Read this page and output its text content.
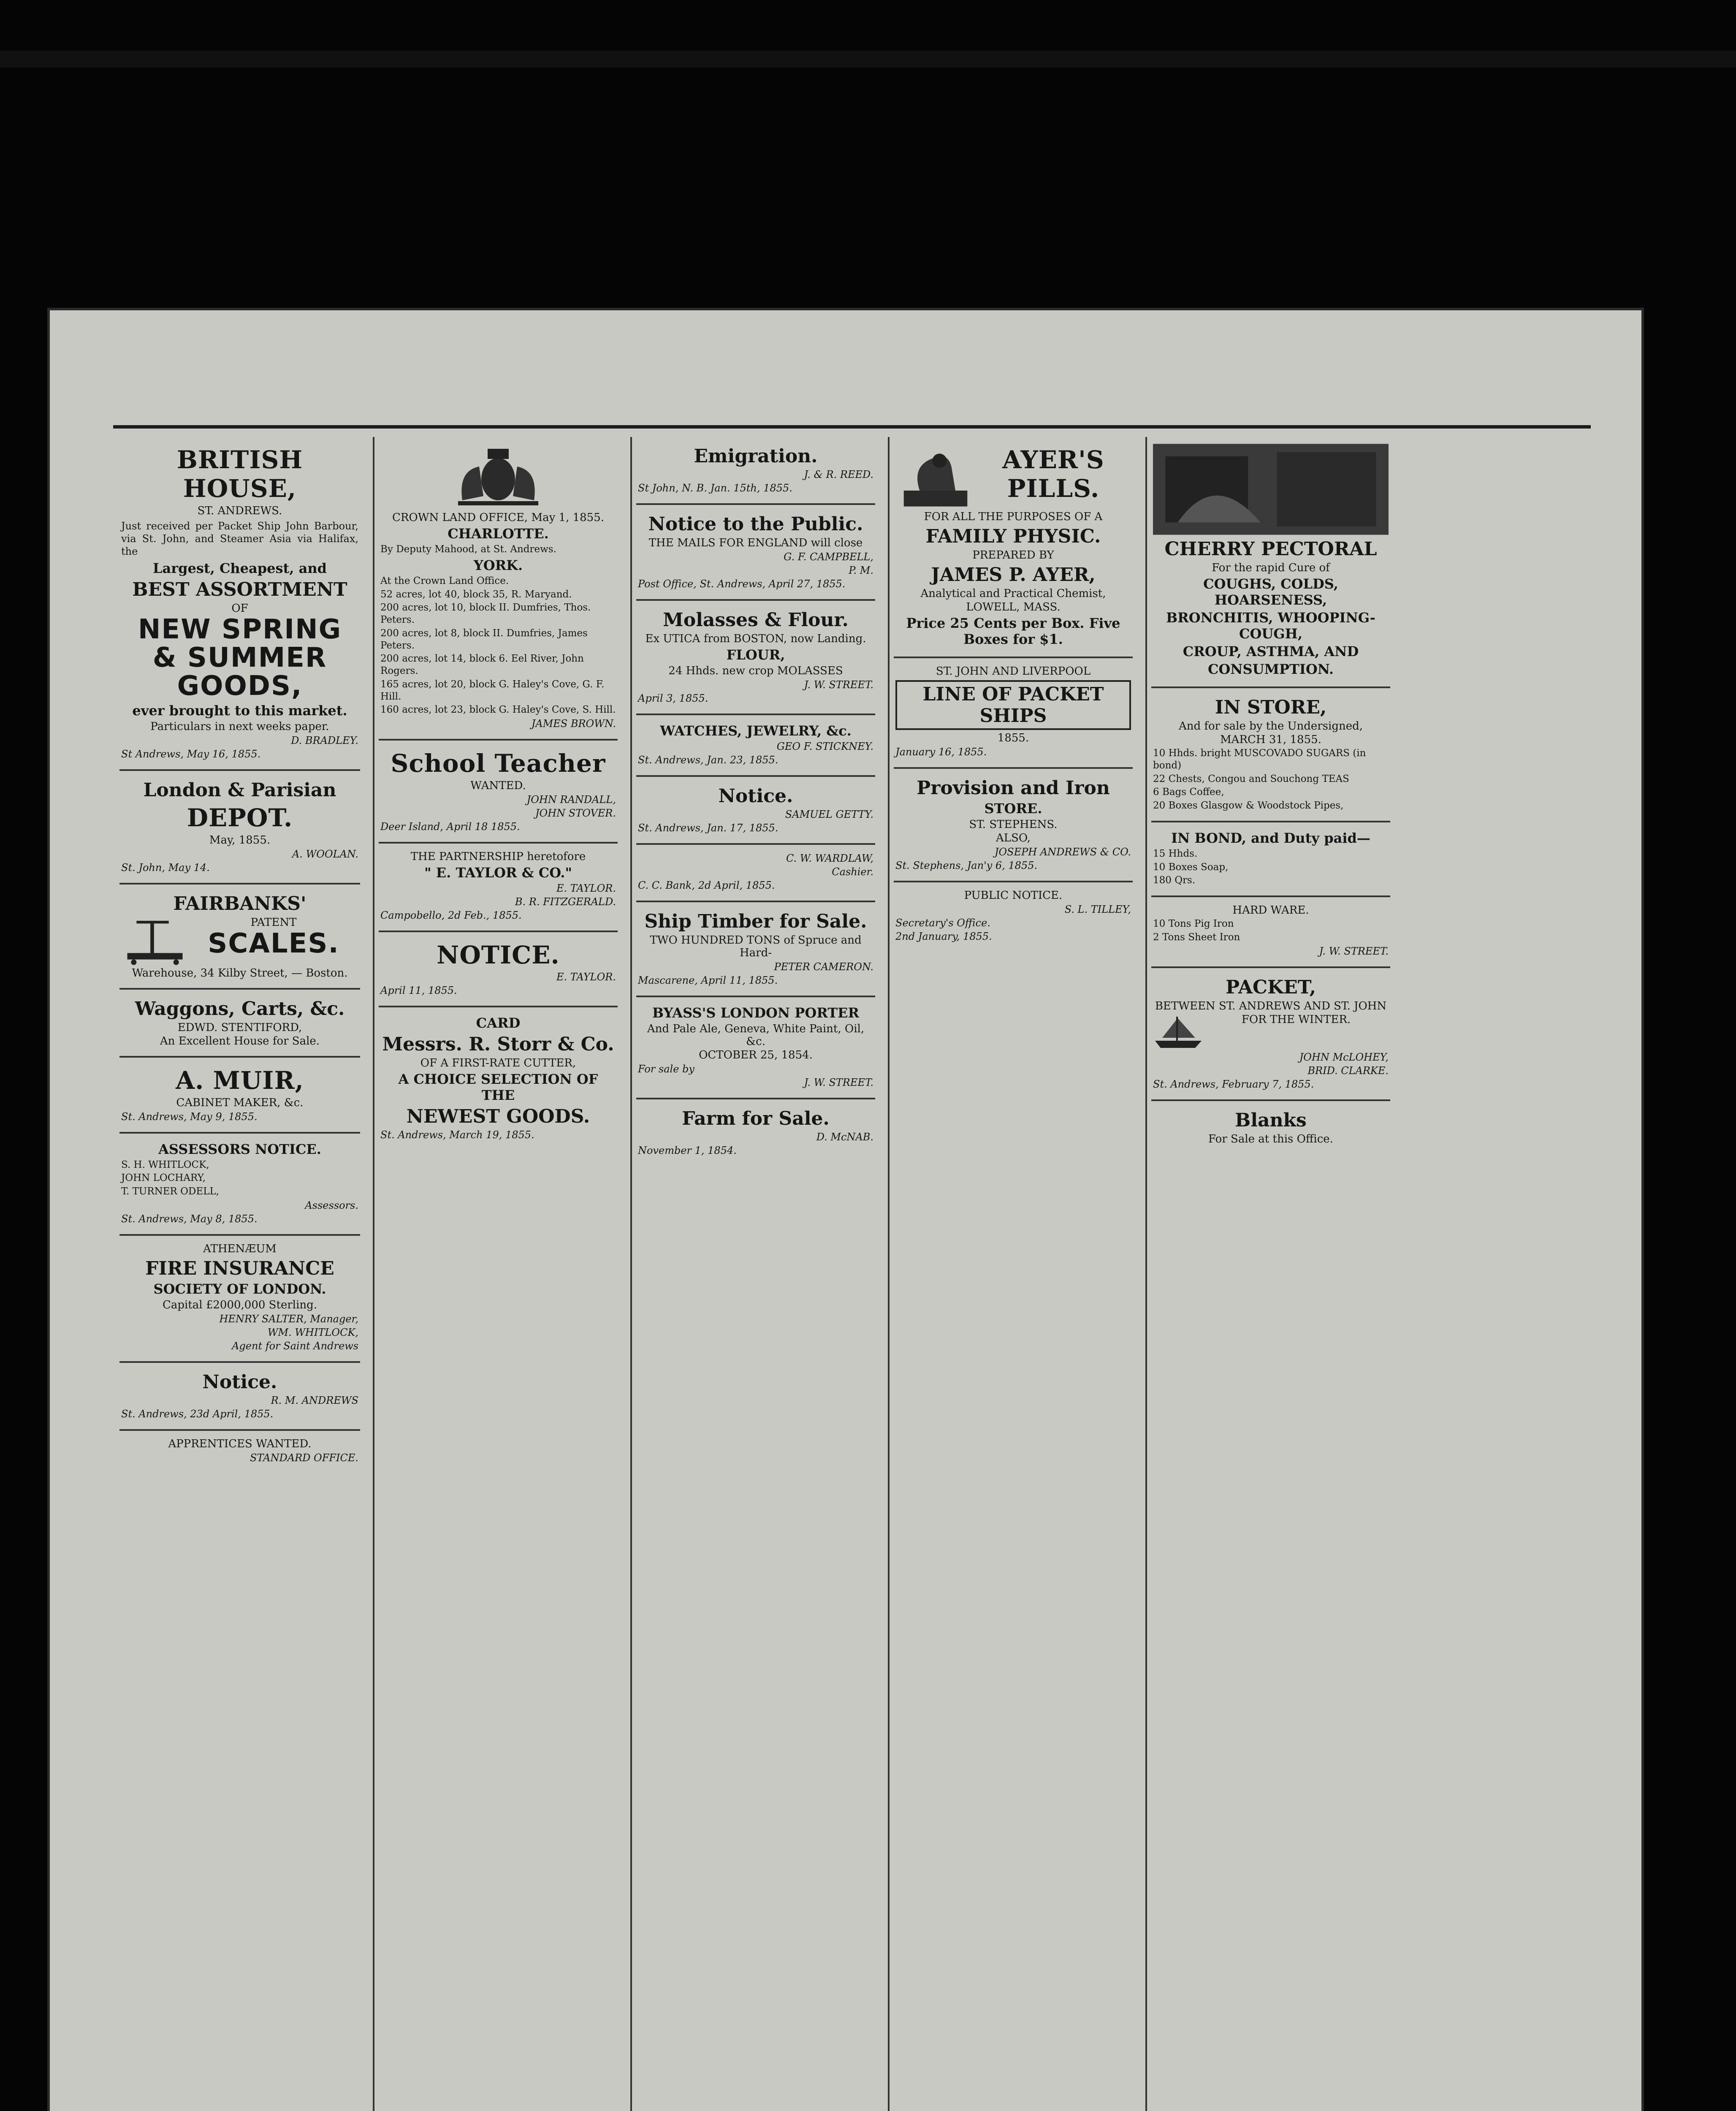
BRITISH HOUSE,
ST. ANDREWS.

Just received per Packet Ship John Barbour, via St. John, and Steamer Asia via Halifax, the

Largest, Cheapest, and
BEST ASSORTMENT
OF
NEW SPRING & SUMMER
GOODS,
ever brought to this market.
Particulars in next weeks paper.
D. BRADLEY.
St Andrews, May 16, 1855.
London & Parisian
DEPOT.
May, 1855.
A. WOOLAN.
St. John, May 14.
FAIRBANKS'
PATENT
SCALES.
Warehouse, 34 Kilby Street, — Boston.
Waggons, Carts, &c.
EDWD. STENTIFORD,
An Excellent House for Sale.
A. MUIR,
CABINET MAKER, &c.
St. Andrews, May 9, 1855.
ASSESSORS NOTICE.

S. H. WHITLOCK,

JOHN LOCHARY,

T. TURNER ODELL,

Assessors.
St. Andrews, May 8, 1855.
ATHENÆUM
FIRE INSURANCE
SOCIETY OF LONDON.
Capital £2000,000 Sterling.
HENRY SALTER, Manager,
WM. WHITLOCK,
Agent for Saint Andrews
Notice.
R. M. ANDREWS
St. Andrews, 23d April, 1855.
APPRENTICES WANTED.
STANDARD OFFICE.
CROWN LAND OFFICE, May 1, 1855.
CHARLOTTE.

By Deputy Mahood, at St. Andrews.

YORK.

At the Crown Land Office.

52 acres, lot 40, block 35, R. Maryand.

200 acres, lot 10, block II. Dumfries, Thos. Peters.

200 acres, lot 8, block II. Dumfries, James Peters.

200 acres, lot 14, block 6. Eel River, John Rogers.

165 acres, lot 20, block G. Haley's Cove, G. F. Hill.

160 acres, lot 23, block G. Haley's Cove, S. Hill.

JAMES BROWN.
School Teacher
WANTED.
JOHN RANDALL,
JOHN STOVER.
Deer Island, April 18 1855.
THE PARTNERSHIP heretofore
" E. TAYLOR & CO."
E. TAYLOR.
B. R. FITZGERALD.
Campobello, 2d Feb., 1855.
NOTICE.
E. TAYLOR.
April 11, 1855.
CARD
Messrs. R. Storr & Co.
OF A FIRST-RATE CUTTER,
A CHOICE SELECTION OF THE
NEWEST GOODS.
St. Andrews, March 19, 1855.
Emigration.
J. & R. REED.
St John, N. B. Jan. 15th, 1855.
Notice to the Public.
THE MAILS FOR ENGLAND will close
G. F. CAMPBELL,
P. M.
Post Office, St. Andrews, April 27, 1855.
Molasses & Flour.
Ex UTICA from BOSTON, now Landing.
FLOUR,
24 Hhds. new crop MOLASSES
J. W. STREET.
April 3, 1855.
WATCHES, JEWELRY, &c.
GEO F. STICKNEY.
St. Andrews, Jan. 23, 1855.
Notice.
SAMUEL GETTY.
St. Andrews, Jan. 17, 1855.
C. W. WARDLAW,
Cashier.
C. C. Bank, 2d April, 1855.
Ship Timber for Sale.
TWO HUNDRED TONS of Spruce and Hard-
PETER CAMERON.
Mascarene, April 11, 1855.
BYASS'S LONDON PORTER
And Pale Ale, Geneva, White Paint, Oil, &c.
OCTOBER 25, 1854.
For sale by
J. W. STREET.
Farm for Sale.
D. McNAB.
November 1, 1854.
AYER'S PILLS.
FOR ALL THE PURPOSES OF A
FAMILY PHYSIC.
PREPARED BY
JAMES P. AYER,
Analytical and Practical Chemist,
LOWELL, MASS.
Price 25 Cents per Box. Five Boxes for $1.
ST. JOHN AND LIVERPOOL
LINE OF PACKET SHIPS
1855.
January 16, 1855.
Provision and Iron
STORE.
ST. STEPHENS.
ALSO,
JOSEPH ANDREWS & CO.
St. Stephens, Jan'y 6, 1855.
PUBLIC NOTICE.
S. L. TILLEY,
Secretary's Office.
2nd January, 1855.
CHERRY PECTORAL
For the rapid Cure of
COUGHS, COLDS, HOARSENESS,
BRONCHITIS, WHOOPING-COUGH,
CROUP, ASTHMA, AND
CONSUMPTION.
IN STORE,
And for sale by the Undersigned,
MARCH 31, 1855.

10 Hhds. bright MUSCOVADO SUGARS (in bond)

22 Chests, Congou and Souchong TEAS

6 Bags Coffee,

20 Boxes Glasgow & Woodstock Pipes,

IN BOND, and Duty paid—

15 Hhds.

10 Boxes Soap,

180 Qrs.

HARD WARE.

10 Tons Pig Iron

2 Tons Sheet Iron

J. W. STREET.
PACKET,
BETWEEN ST. ANDREWS AND ST. JOHN
FOR THE WINTER.
JOHN McLOHEY,
BRID. CLARKE.
St. Andrews, February 7, 1855.
Blanks
For Sale at this Office.
